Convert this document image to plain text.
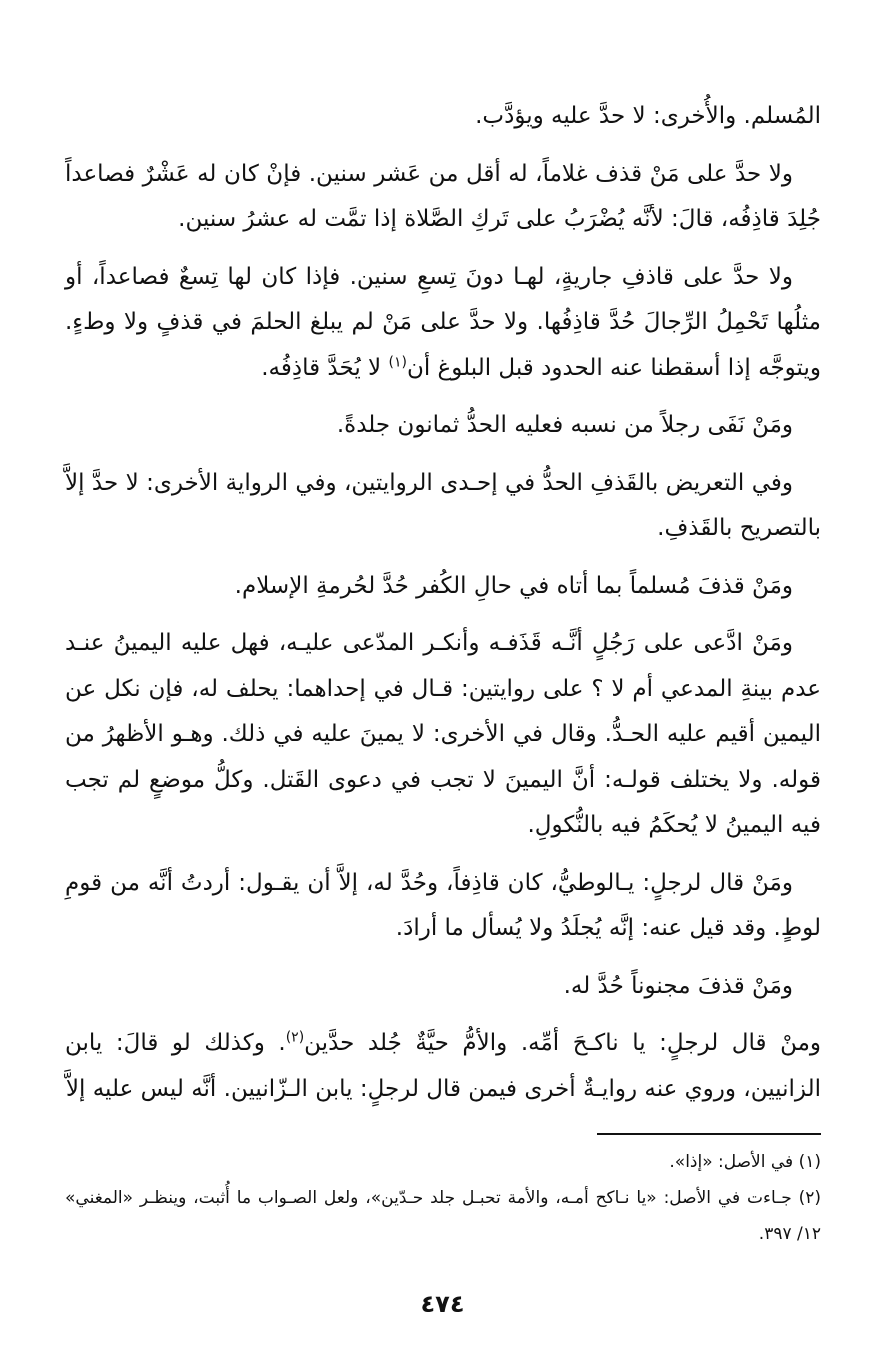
المُسلم. والأُخرى: لا حدَّ عليه ويؤدَّب.

ولا حدَّ على مَنْ قذف غلاماً، له أقل من عَشر سنين. فإنْ كان له عَشْرٌ فصاعداً جُلِدَ قاذِفُه، قالَ: لأنَّه يُضْرَبُ على تَركِ الصَّلاة إذا تمَّت له عشرُ سنين.

ولا حدَّ على قاذفِ جاريةٍ، لهـا دونَ تِسعِ سنين. فإذا كان لها تِسعٌ فصاعداً، أو مثلُها تَحْمِلُ الرِّجالَ حُدَّ قاذِفُها. ولا حدَّ على مَنْ لم يبلغ الحلمَ في قذفٍ ولا وطءٍ. ويتوجَّه إذا أسقطنا عنه الحدود قبل البلوغ أن$^{(١)}$ لا يُحَدَّ قاذِفُه.

ومَنْ نَفَى رجلاً من نسبه فعليه الحدُّ ثمانون جلدةً.

وفي التعريض بالقَذفِ الحدُّ في إحـدى الروايتين، وفي الرواية الأخرى: لا حدَّ إلاَّ بالتصريح بالقَذفِ.

ومَنْ قذفَ مُسلماً بما أتاه في حالِ الكُفر حُدَّ لحُرمةِ الإسلام.

ومَنْ ادَّعى على رَجُلٍ أنَّـه قَذَفـه وأنكـر المدّعى عليـه، فهل عليه اليمينُ عنـد عدم بينةِ المدعي أم لا ؟ على روايتين: قـال في إحداهما: يحلف له، فإن نكل عن اليمين أقيم عليه الحـدُّ. وقال في الأخرى: لا يمينَ عليه في ذلك. وهـو الأظهرُ من قوله. ولا يختلف قولـه: أنَّ اليمينَ لا تجب في دعوى القَتل. وكلُّ موضعٍ لم تجب فيه اليمينُ لا يُحكَمُ فيه بالنُّكولِ.

ومَنْ قال لرجلٍ: يـالوطيُّ، كان قاذِفاً، وحُدَّ له، إلاَّ أن يقـول: أردتُ أنَّه من قومِ لوطٍ. وقد قيل عنه: إنَّه يُجلَدُ ولا يُسأل ما أرادَ.

ومَنْ قذفَ مجنوناً حُدَّ له.

ومنْ قال لرجلٍ: يا ناكـحَ أمِّه. والأمُّ حيَّةٌ جُلد حدَّين$^{(٢)}$. وكذلك لو قالَ: يابن الزانيين، وروي عنه روايـةٌ أخرى فيمن قال لرجلٍ: يابن الـزّانيين. أنَّه ليس عليه إلاَّ

(١) في الأصل: «إذا».

(٢) جـاءت في الأصل: «يا نـاكح أمـه، والأمة تحبـل جلد حـدّين»، ولعل الصـواب ما أُثبت، وينظـر «المغني» ١٢/ ٣٩٧.

٤٧٤
